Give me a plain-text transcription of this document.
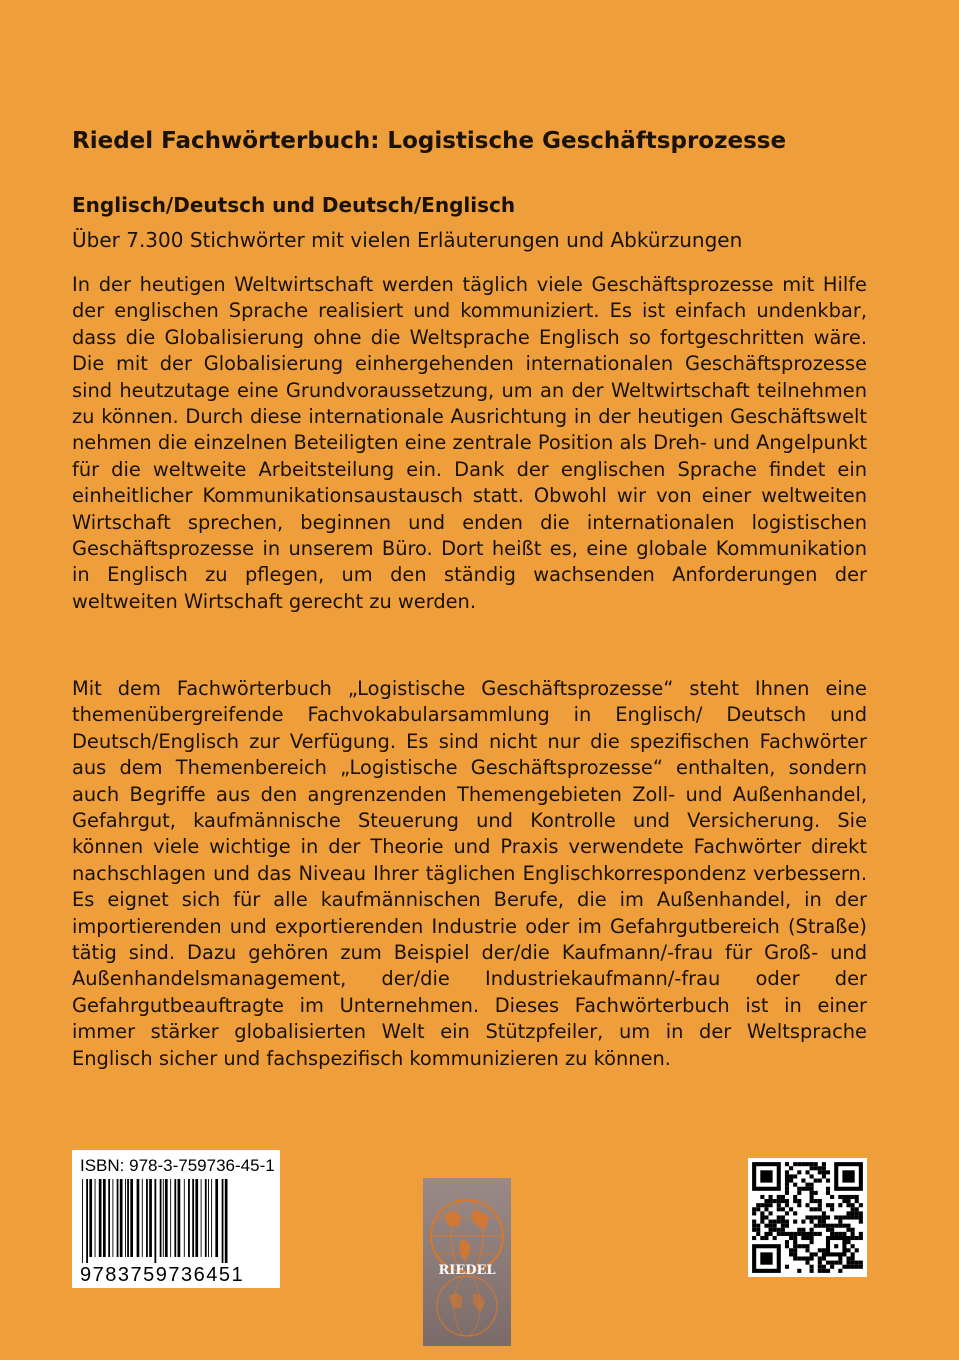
Riedel Fachwörterbuch: Logistische Geschäftsprozesse
Englisch/Deutsch und Deutsch/Englisch

Über 7.300 Stichwörter mit vielen Erläuterungen und Abkürzungen

In der heutigen Weltwirtschaft werden täglich viele Geschäftsprozesse mit Hilfe der englischen Sprache realisiert und kommuniziert. Es ist einfach undenkbar, dass die Globalisierung ohne die Weltsprache Englisch so fortgeschritten wäre. Die mit der Globalisierung einhergehenden internationalen Geschäftsprozesse sind heutzutage eine Grundvoraussetzung, um an der Weltwirtschaft teilnehmen zu können. Durch diese internationale Ausrichtung in der heutigen Geschäftswelt nehmen die einzelnen Beteiligten eine zentrale Position als Dreh- und Angelpunkt für die weltweite Arbeitsteilung ein. Dank der englischen Sprache findet ein einheitlicher Kommunikationsaustausch statt. Obwohl wir von einer weltweiten Wirtschaft sprechen, beginnen und enden die internationalen logistischen Geschäftsprozesse in unserem Büro. Dort heißt es, eine globale Kommunikation in Englisch zu pflegen, um den ständig wachsenden Anforderungen der weltweiten Wirtschaft gerecht zu werden.

Mit dem Fachwörterbuch „Logistische Geschäftsprozesse“ steht Ihnen eine themenübergreifende Fachvokabularsammlung in Englisch/ Deutsch und Deutsch/Englisch zur Verfügung. Es sind nicht nur die spezifischen Fachwörter aus dem Themenbereich „Logistische Geschäftsprozesse“ enthalten, sondern auch Begriffe aus den angrenzenden Themengebieten Zoll- und Außenhandel, Gefahrgut, kaufmännische Steuerung und Kontrolle und Versicherung. Sie können viele wichtige in der Theorie und Praxis verwendete Fachwörter direkt nachschlagen und das Niveau Ihrer täglichen Englischkorrespondenz verbessern. Es eignet sich für alle kaufmännischen Berufe, die im Außenhandel, in der importierenden und exportierenden Industrie oder im Gefahrgutbereich (Straße) tätig sind. Dazu gehören zum Beispiel der/die Kaufmann/-frau für Groß- und Außenhandelsmanagement, der/die Industriekaufmann/-frau oder der Gefahrgutbeauftragte im Unternehmen. Dieses Fachwörterbuch ist in einer immer stärker globalisierten Welt ein Stützpfeiler, um in der Weltsprache Englisch sicher und fachspezifisch kommunizieren zu können.

ISBN: 978-3-759736-45-1
9783759736451	RIEDEL
